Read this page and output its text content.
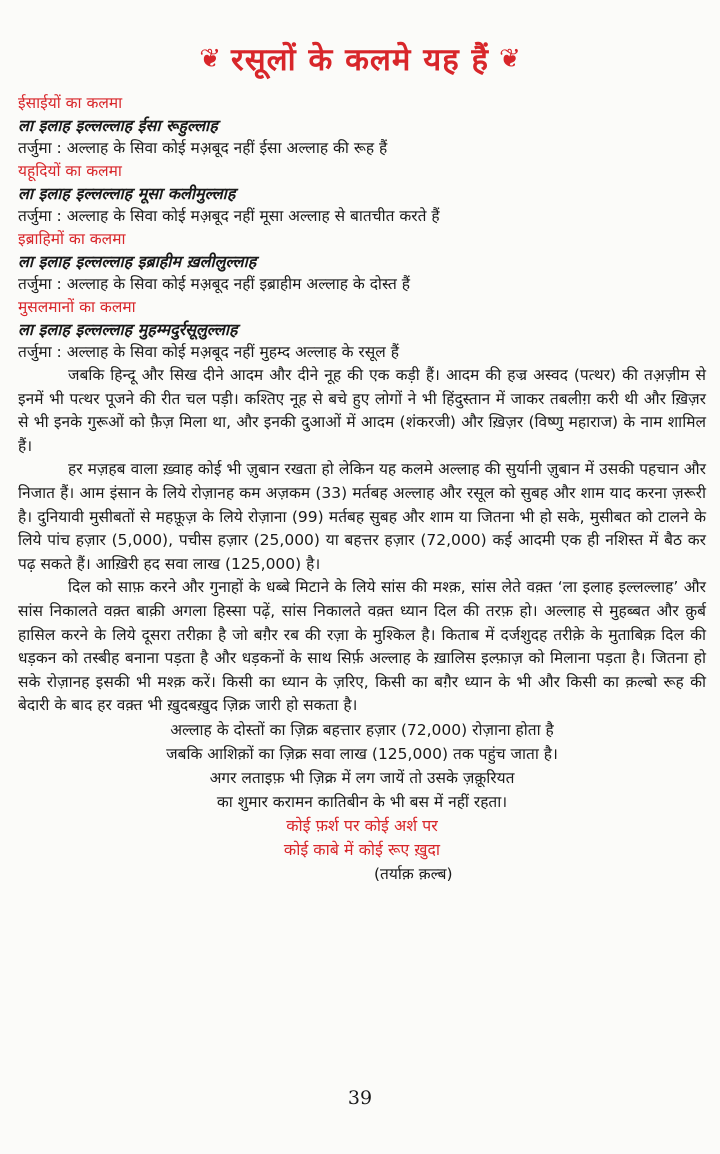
❦ रसूलों के कलमे यह हैं ❦
ईसाईयों का कलमा
ला इलाह इल्लल्लाह ईसा रूहुल्लाह
तर्जुमा : अल्लाह के सिवा कोई मअ़बूद नहीं ईसा अल्लाह की रूह हैं
यहूदियों का कलमा
ला इलाह इल्लल्लाह मूसा कलीमुल्लाह
तर्जुमा : अल्लाह के सिवा कोई मअ़बूद नहीं मूसा अल्लाह से बातचीत करते हैं
इब्राहिमों का कलमा
ला इलाह इल्लल्लाह इब्राहीम ख़लीलुल्लाह
तर्जुमा : अल्लाह के सिवा कोई मअ़बूद नहीं इब्राहीम अल्लाह के दोस्त हैं
मुसलमानों का कलमा
ला इलाह इल्लल्लाह मुहम्मदुर्रसूलुल्लाह
तर्जुमा : अल्लाह के सिवा कोई मअ़बूद नहीं मुहम्द अल्लाह के रसूल हैं

जबकि हिन्दू और सिख दीने आदम और दीने नूह की एक कड़ी हैं। आदम की हज्र अस्वद (पत्थर) की तअ़ज़ीम से इनमें भी पत्थर पूजने की रीत चल पड़ी। कश्तिए नूह से बचे हुए लोगों ने भी हिंदुस्तान में जाकर तबलीग़ करी थी और ख़िज़र से भी इनके गुरूओं को फ़ैज़ मिला था, और इनकी दुआओं में आदम (शंकरजी) और ख़िज़र (विष्णु महाराज) के नाम शामिल हैं।

हर मज़हब वाला ख़्वाह कोई भी ज़ुबान रखता हो लेकिन यह कलमे अल्लाह की सुर्यानी ज़ुबान में उसकी पहचान और निजात हैं। आम इंसान के लिये रोज़ानह कम अज़कम (33) मर्तबह अल्लाह और रसूल को सुबह और शाम याद करना ज़रूरी है। दुनियावी मुसीबतों से महफ़ूज़ के लिये रोज़ाना (99) मर्तबह सुबह और शाम या जितना भी हो सके, मुसीबत को टालने के लिये पांच हज़ार (5,000), पचीस हज़ार (25,000) या बहत्तर हज़ार (72,000) कई आदमी एक ही नशिस्त में बैठ कर पढ़ सकते हैं। आख़िरी हद सवा लाख (125,000) है।

दिल को साफ़ करने और गुनाहों के धब्बे मिटाने के लिये सांस की मश्क़, सांस लेते वक़्त ‘ला इलाह इल्लल्लाह’ और सांस निकालते वक़्त बाक़ी अगला हिस्सा पढ़ें, सांस निकालते वक़्त ध्यान दिल की तरफ़ हो। अल्लाह से मुहब्बत और क़ुर्ब हासिल करने के लिये दूसरा तरीक़ा है जो बग़ैर रब की रज़ा के मुश्किल है। किताब में दर्जशुदह तरीक़े के मुताबिक़ दिल की धड़कन को तस्बीह बनाना पड़ता है और धड़कनों के साथ सिर्फ़ अल्लाह के ख़ालिस इल्फ़ाज़ को मिलाना पड़ता है। जितना हो सके रोज़ानह इसकी भी मश्क़ करें। किसी का ध्यान के ज़रिए, किसी का बग़ैर ध्यान के भी और किसी का क़ल्बो रूह की बेदारी के बाद हर वक़्त भी ख़ुदबख़ुद ज़िक्र जारी हो सकता है।

अल्लाह के दोस्तों का ज़िक्र बहत्तार हज़ार (72,000) रोज़ाना होता है
जबकि आशिक़ों का ज़िक्र सवा लाख (125,000) तक पहुंच जाता है।
अगर लताइफ़ भी ज़िक्र में लग जायें तो उसके ज़क़ूरियत
का शुमार करामन कातिबीन के भी बस में नहीं रहता।
कोई फ़र्श पर कोई अर्श पर
कोई काबे में कोई रूए ख़ुदा
(तर्याक़ क़ल्ब)
39
